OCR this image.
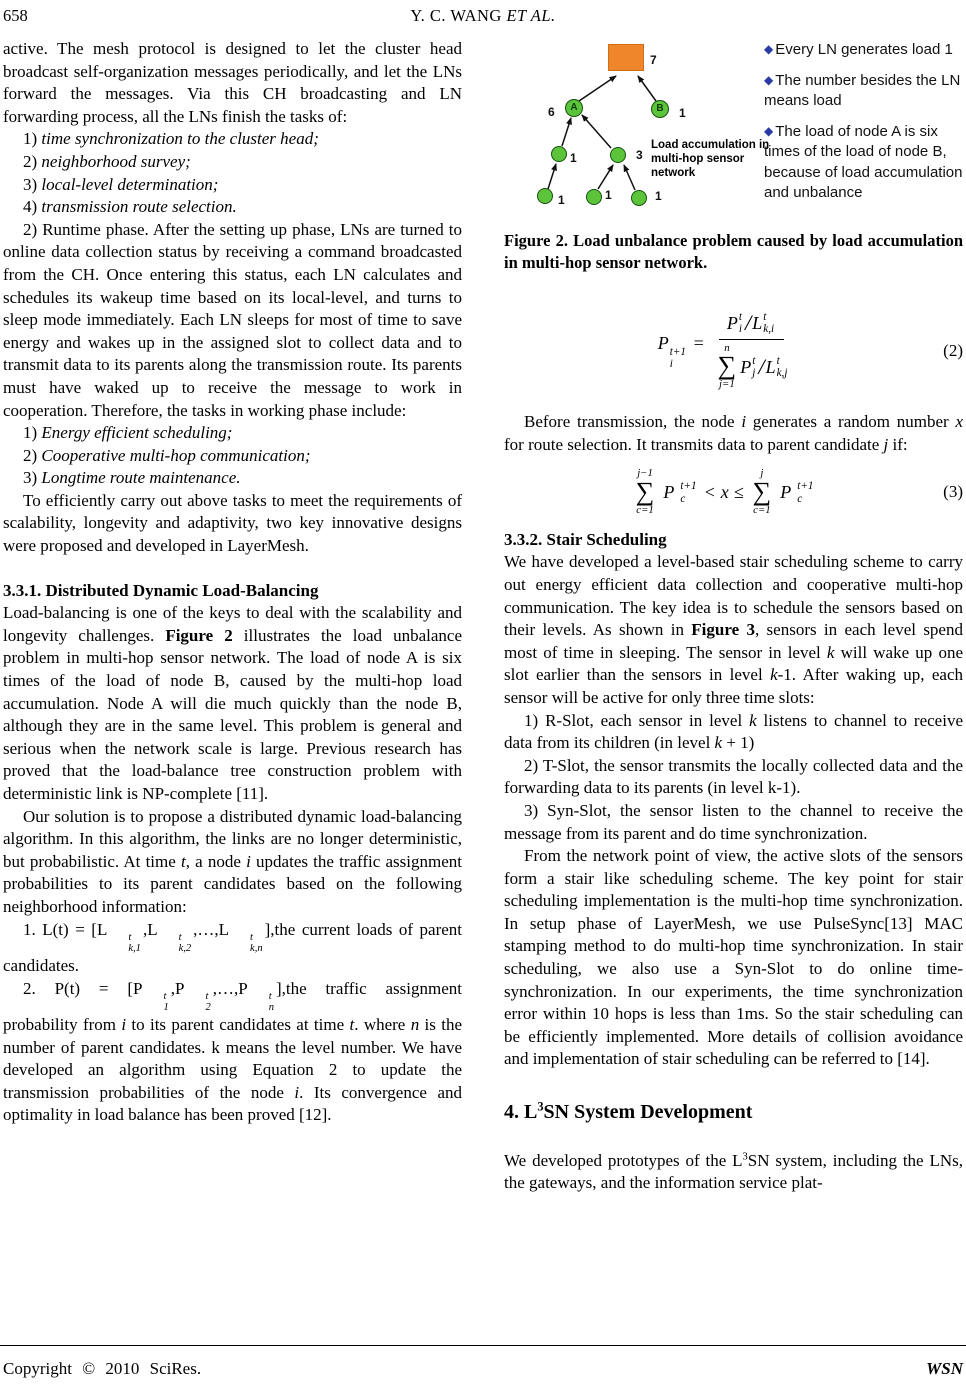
658	Y. C. WANG ET AL.

active. The mesh protocol is designed to let the cluster head broadcast self-organization messages periodically, and let the LNs forward the messages. Via this CH broadcasting and LN forwarding process, all the LNs finish the tasks of:

1) time synchronization to the cluster head;
2) neighborhood survey;
3) local-level determination;
4) transmission route selection.

2) Runtime phase. After the setting up phase, LNs are turned to online data collection status by receiving a command broadcasted from the CH. Once entering this status, each LN calculates and schedules its wakeup time based on its local-level, and turns to sleep mode immediately. Each LN sleeps for most of time to save energy and wakes up in the assigned slot to collect data and to transmit data to its parents along the transmission route. Its parents must have waked up to receive the message to work in cooperation. Therefore, the tasks in working phase include:

1) Energy efficient scheduling;
2) Cooperative multi-hop communication;
3) Longtime route maintenance.

To efficiently carry out above tasks to meet the requirements of scalability, longevity and adaptivity, two key innovative designs were proposed and developed in LayerMesh.

3.3.1. Distributed Dynamic Load-Balancing

Load-balancing is one of the keys to deal with the scalability and longevity challenges. Figure 2 illustrates the load unbalance problem in multi-hop sensor network. The load of node A is six times of the load of node B, caused by the multi-hop load accumulation. Node A will die much quickly than the node B, although they are in the same level. This problem is general and serious when the network scale is large. Previous research has proved that the load-balance tree construction problem with deterministic link is NP-complete [11].

Our solution is to propose a distributed dynamic load-balancing algorithm. In this algorithm, the links are no longer deterministic, but probabilistic. At time t, a node i updates the traffic assignment probabilities to its parent candidates based on the following neighborhood information:

1. L(t) = [L	t
k,1
,L	t
k,2
,…,L	t
k,n
],the current loads of parent candidates.

2. P(t) = [P	t
1
,P	t
2
,…,P	t
n
],the traffic assignment probability from i to its parent candidates at time t. where n is the number of parent candidates. k means the level number. We have developed an algorithm using Equation 2 to update the transmission probabilities of the node i. Its convergence and optimality in load balance has been proved [12].

7
A
6	B 1
1	3
1	1	1
Load accumulation in multi-hop sensor network
◆ Every LN generates load 1
◆ The number besides the LN means load
◆ The load of node A is six times of the load of node B, because of load accumulation and unbalance

Figure 2. Load unbalance problem caused by load accumulation in multi-hop sensor network.

P t+1
i
= P t
i / L t
k,i
n
∑
j=1
P t
j / L t
k,j	(2)

Before transmission, the node i generates a random number x for route selection. It transmits data to parent candidate j if:

j−1
∑
c=1
P t+1
c < x ≤
j
∑
c=1
P t+1
c	(3)
3.3.2. Stair Scheduling

We have developed a level-based stair scheduling scheme to carry out energy efficient data collection and cooperative multi-hop communication. The key idea is to schedule the sensors based on their levels. As shown in Figure 3, sensors in each level spend most of time in sleeping. The sensor in level k will wake up one slot earlier than the sensors in level k-1. After waking up, each sensor will be active for only three time slots:

1) R-Slot, each sensor in level k listens to channel to receive data from its children (in level k + 1)

2) T-Slot, the sensor transmits the locally collected data and the forwarding data to its parents (in level k-1).

3) Syn-Slot, the sensor listen to the channel to receive the message from its parent and do time synchronization.

From the network point of view, the active slots of the sensors form a stair like scheduling scheme. The key point for stair scheduling implementation is the multi-hop time synchronization. In setup phase of LayerMesh, we use PulseSync[13] MAC stamping method to do multi-hop time synchronization. In stair scheduling, we also use a Syn-Slot to do online time-synchronization. In our experiments, the time synchronization error within 10 hops is less than 1ms. So the stair scheduling can be efficiently implemented. More details of collision avoidance and implementation of stair scheduling can be referred to [14].

4. $L^3SN$ System Development

We developed prototypes of the $L^3SN$ system, including the LNs, the gateways, and the information service plat-

Copyright © 2010 SciRes.	WSN
